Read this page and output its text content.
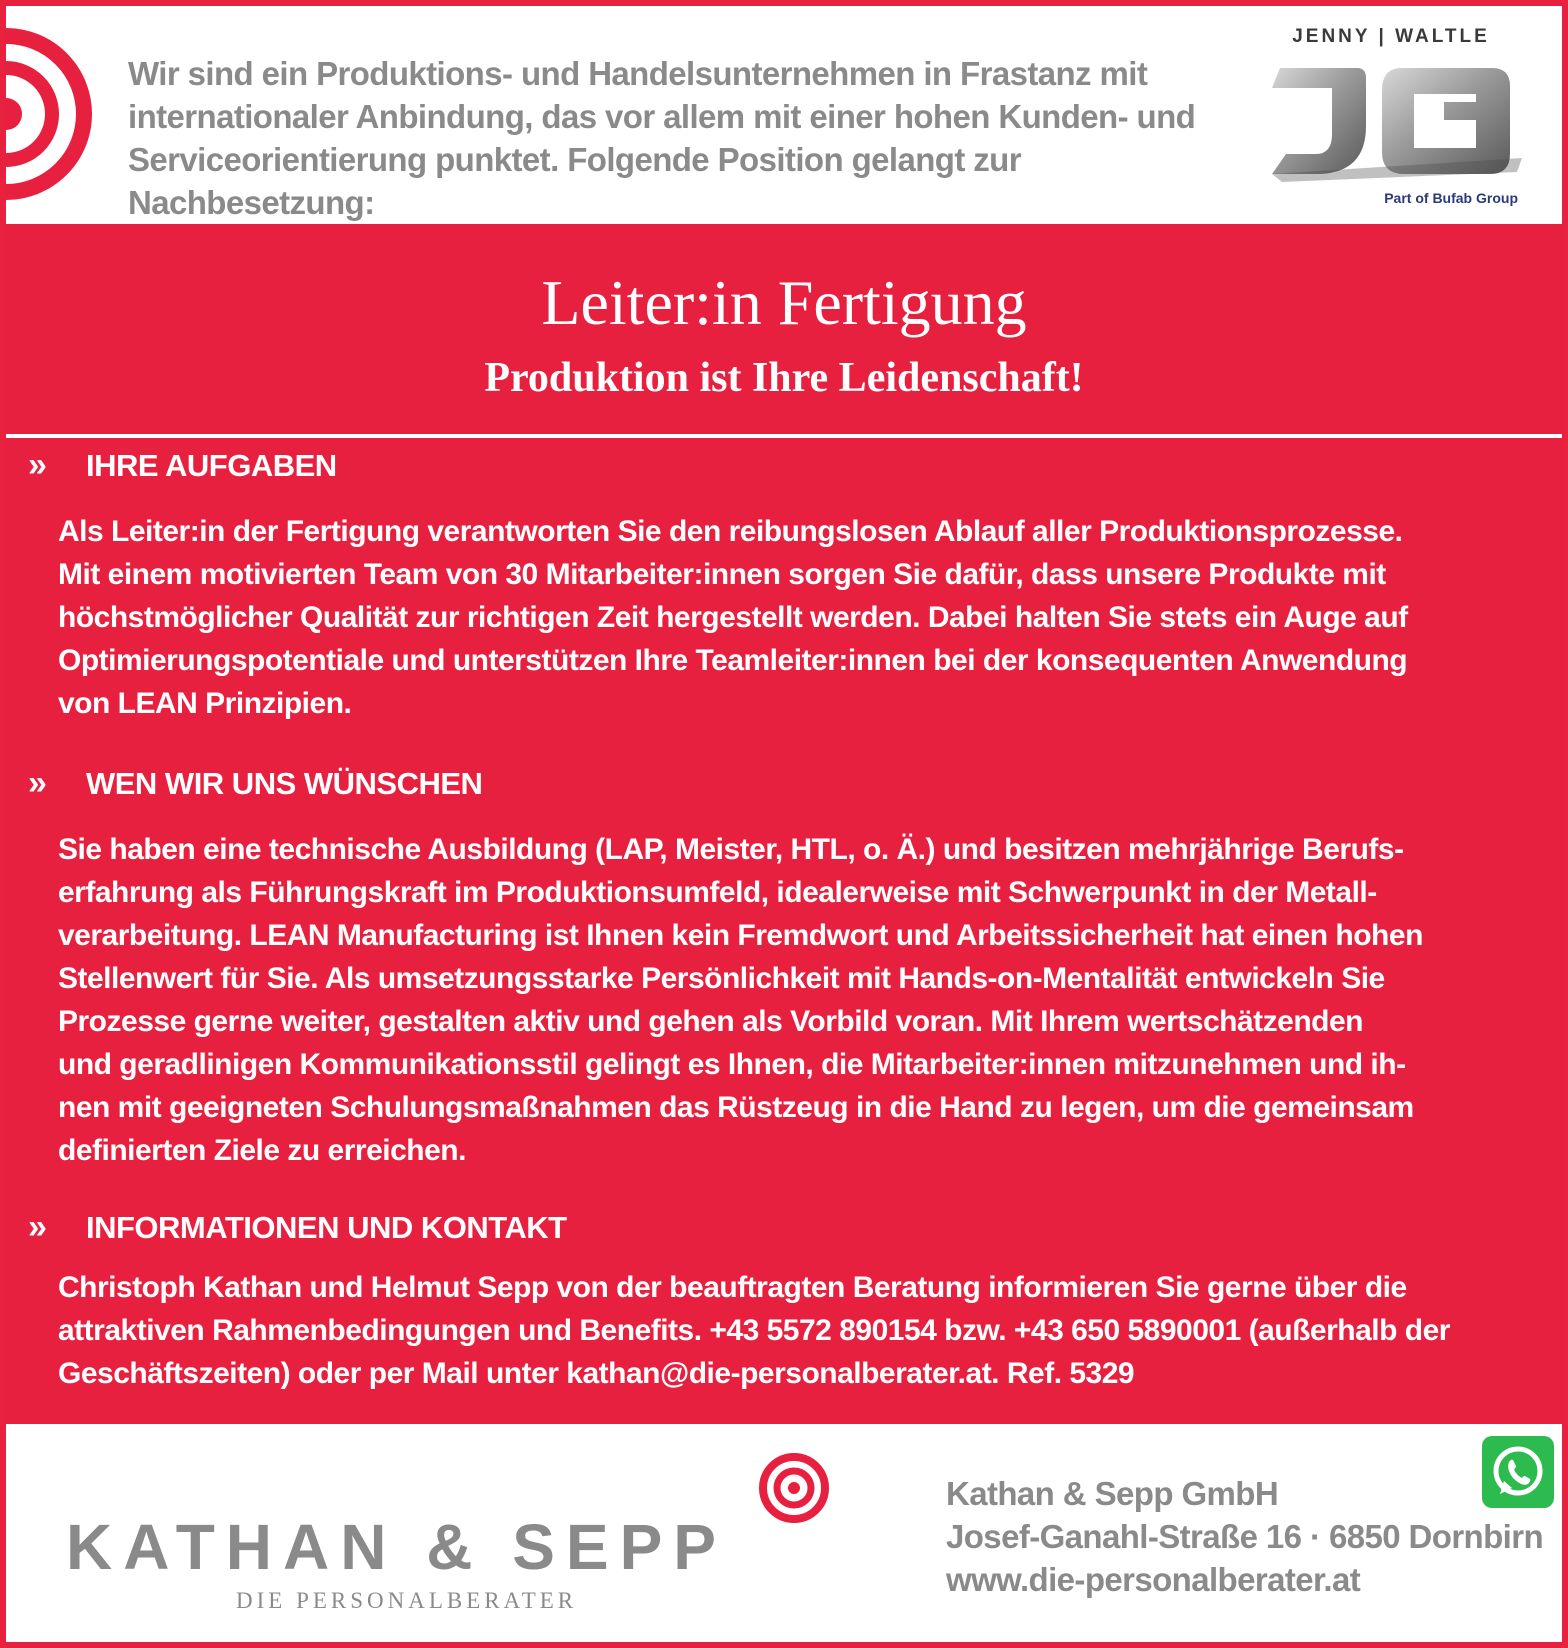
Wir sind ein Produktions- und Handelsunternehmen in Frastanz mit
internationaler Anbindung, das vor allem mit einer hohen Kunden- und
Serviceorientierung punktet. Folgende Position gelangt zur Nachbesetzung:

JENNY | WALTLE

Part of Bufab Group

Leiter:in Fertigung
Produktion ist Ihre Leidenschaft!
»	IHRE AUFGABEN

Als Leiter:in der Fertigung verantworten Sie den reibungslosen Ablauf aller Produktionsprozesse.
Mit einem motivierten Team von 30 Mitarbeiter:innen sorgen Sie dafür, dass unsere Produkte mit
höchstmöglicher Qualität zur richtigen Zeit hergestellt werden. Dabei halten Sie stets ein Auge auf
Optimierungspotentiale und unterstützen Ihre Teamleiter:innen bei der konsequenten Anwendung
von LEAN Prinzipien.

»	WEN WIR UNS WÜNSCHEN

Sie haben eine technische Ausbildung (LAP, Meister, HTL, o. Ä.) und besitzen mehrjährige Berufs-
erfahrung als Führungskraft im Produktionsumfeld, idealerweise mit Schwerpunkt in der Metall-
verarbeitung. LEAN Manufacturing ist Ihnen kein Fremdwort und Arbeitssicherheit hat einen hohen
Stellenwert für Sie. Als umsetzungsstarke Persönlichkeit mit Hands-on-Mentalität entwickeln Sie
Prozesse gerne weiter, gestalten aktiv und gehen als Vorbild voran. Mit Ihrem wertschätzenden
und geradlinigen Kommunikationsstil gelingt es Ihnen, die Mitarbeiter:innen mitzunehmen und ih-
nen mit geeigneten Schulungsmaßnahmen das Rüstzeug in die Hand zu legen, um die gemeinsam
definierten Ziele zu erreichen.

»	INFORMATIONEN UND KONTAKT

Christoph Kathan und Helmut Sepp von der beauftragten Beratung informieren Sie gerne über die
attraktiven Rahmenbedingungen und Benefits. +43 5572 890154 bzw. +43 650 5890001 (außerhalb der
Geschäftszeiten) oder per Mail unter kathan@die-personalberater.at. Ref. 5329

KATHAN & SEPP

DIE PERSONALBERATER

Kathan & Sepp GmbH
Josef-Ganahl-Straße 16 · 6850 Dornbirn
www.die-personalberater.at
